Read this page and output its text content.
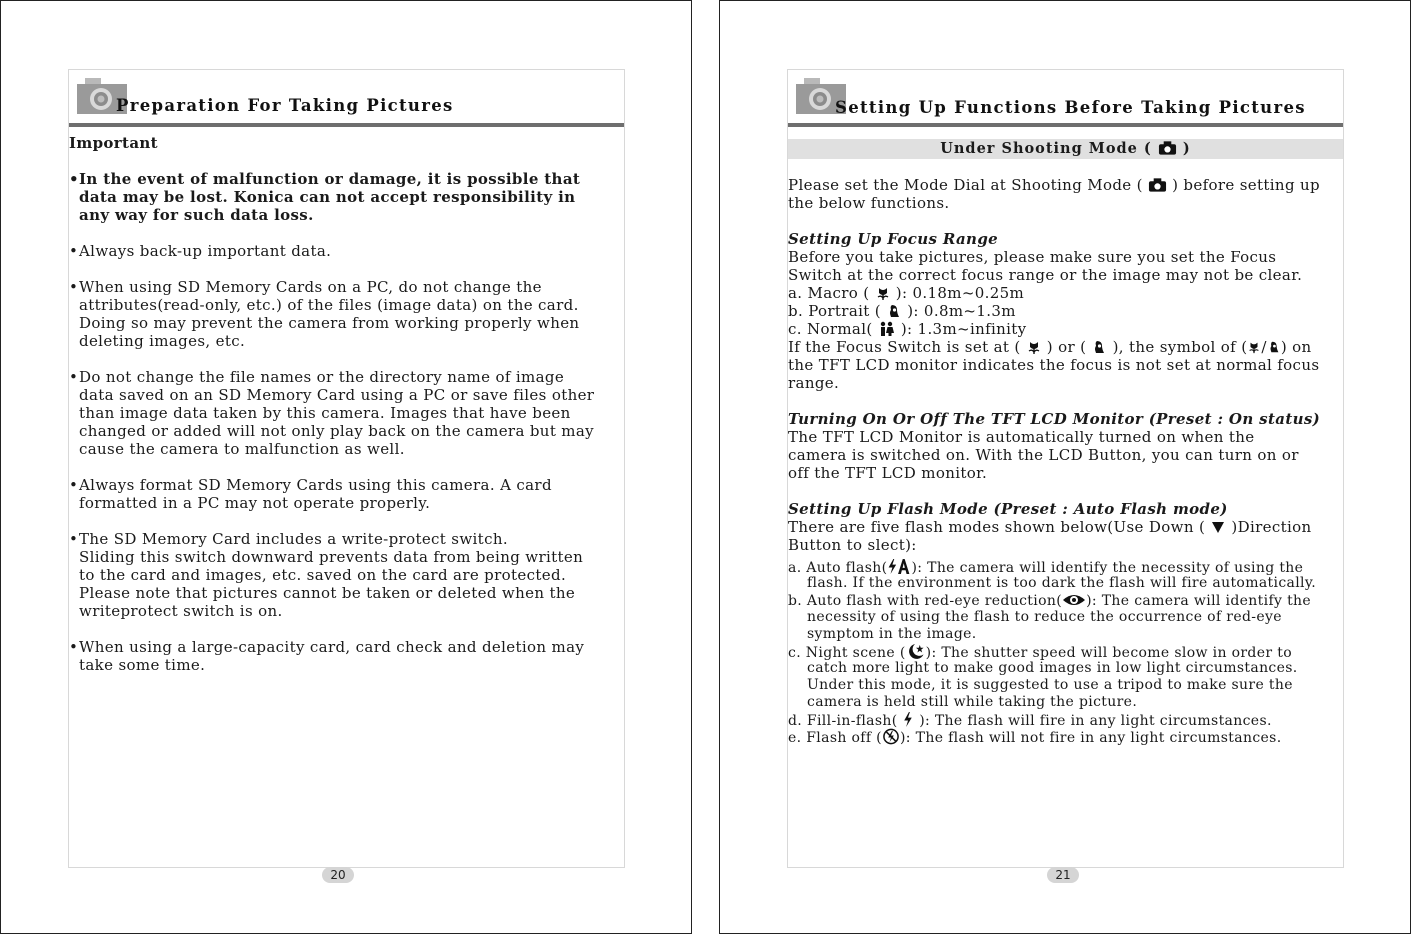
Preparation For Taking Pictures
Important
•In the event of malfunction or damage, it is possible that
data may be lost. Konica can not accept responsibility in
any way for such data loss.
•Always back-up important data.
•When using SD Memory Cards on a PC, do not change the
attributes(read-only, etc.) of the files (image data) on the card.
Doing so may prevent the camera from working properly when
deleting images, etc.
•Do not change the file names or the directory name of image
data saved on an SD Memory Card using a PC or save files other
than image data taken by this camera. Images that have been
changed or added will not only play back on the camera but may
cause the camera to malfunction as well.
•Always format SD Memory Cards using this camera. A card
formatted in a PC may not operate properly.
•The SD Memory Card includes a write-protect switch.
Sliding this switch downward prevents data from being written
to the card and images, etc. saved on the card are protected.
Please note that pictures cannot be taken or deleted when the
writeprotect switch is on.
•When using a large-capacity card, card check and deletion may
take some time.
20
Setting Up Functions Before Taking Pictures
Under Shooting Mode (  )
Please set the Mode Dial at Shooting Mode (  ) before setting up
the below functions.
Setting Up Focus Range
Before you take pictures, please make sure you set the Focus
Switch at the correct focus range or the image may not be clear.
a. Macro (  ): 0.18m~0.25m
b. Portrait (  ): 0.8m~1.3m
c. Normal(  ): 1.3m~infinity
If the Focus Switch is set at (  ) or (  ), the symbol of ( / ) on
the TFT LCD monitor indicates the focus is not set at normal focus
range.
Turning On Or Off The TFT LCD Monitor (Preset : On status)
The TFT LCD Monitor is automatically turned on when the
camera is switched on. With the LCD Button, you can turn on or
off the TFT LCD monitor.
Setting Up Flash Mode (Preset : Auto Flash mode)
There are five flash modes shown below(Use Down (  )Direction
Button to slect):
a. Auto flash( ): The camera will identify the necessity of using the
flash. If the environment is too dark the flash will fire automatically.
b. Auto flash with red-eye reduction( ): The camera will identify the
necessity of using the flash to reduce the occurrence of red-eye
symptom in the image.
c. Night scene ( ): The shutter speed will become slow in order to
catch more light to make good images in low light circumstances.
Under this mode, it is suggested to use a tripod to make sure the
camera is held still while taking the picture.
d. Fill-in-flash(  ): The flash will fire in any light circumstances.
e. Flash off ( ): The flash will not fire in any light circumstances.
21
